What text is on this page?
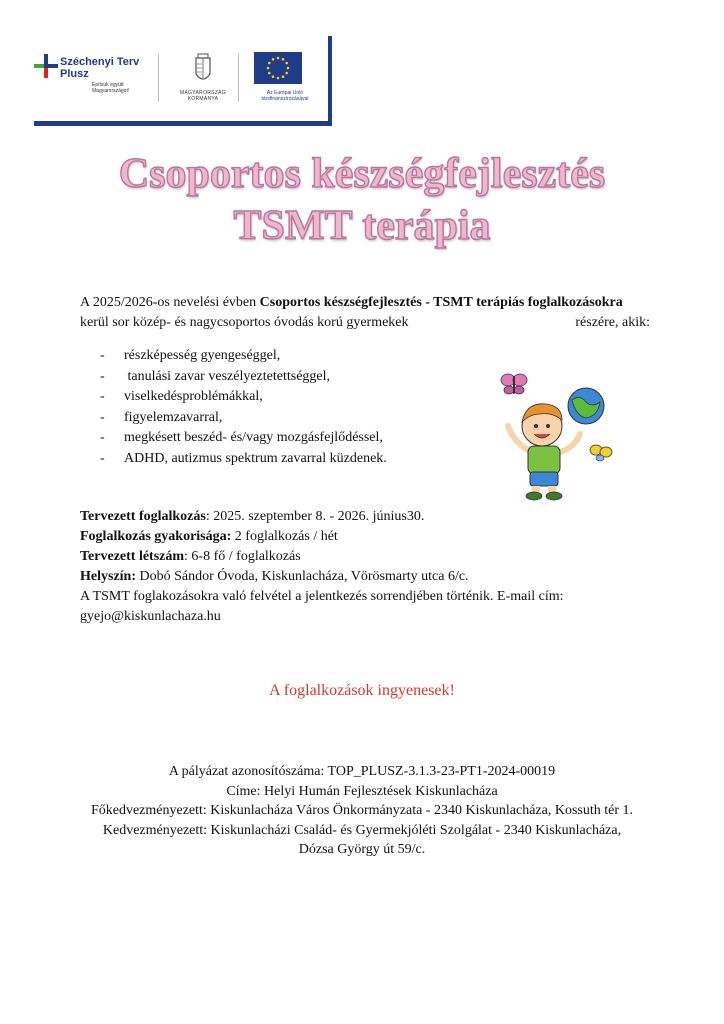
Széchenyi Terv
Plusz
Építsük együtt
Magyarországot!	MAGYARORSZÁG
KORMÁNYA
Az Európai Unió
társfinanszírozásával
Csoportos készségfejlesztés
TSMT terápia
A 2025/2026-os nevelési évben Csoportos készségfejlesztés - TSMT terápiás foglalkozásokra
kerül sor közép- és nagycsoportos óvodás korú gyermekek	részére, akik:
- részképesség gyengeséggel,
- tanulási zavar veszélyeztetettséggel,
- viselkedésproblémákkal,
- figyelemzavarral,
- megkésett beszéd- és/vagy mozgásfejlődéssel,
- ADHD, autizmus spektrum zavarral küzdenek.
Tervezett foglalkozás: 2025. szeptember 8. - 2026. június30.
Foglalkozás gyakorisága: 2 foglalkozás / hét
Tervezett létszám: 6-8 fő / foglalkozás
Helyszín: Dobó Sándor Óvoda, Kiskunlacháza, Vörösmarty utca 6/c.
A TSMT foglakozásokra való felvétel a jelentkezés sorrendjében történik. E-mail cím:
gyejo@kiskunlachaza.hu
A foglalkozások ingyenesek!
A pályázat azonosítószáma: TOP_PLUSZ-3.1.3-23-PT1-2024-00019
Címe: Helyi Humán Fejlesztések Kiskunlacháza
Főkedvezményezett: Kiskunlacháza Város Önkormányzata - 2340 Kiskunlacháza, Kossuth tér 1.
Kedvezményezett: Kiskunlacházi Család- és Gyermekjóléti Szolgálat - 2340 Kiskunlacháza,
Dózsa György út 59/c.
